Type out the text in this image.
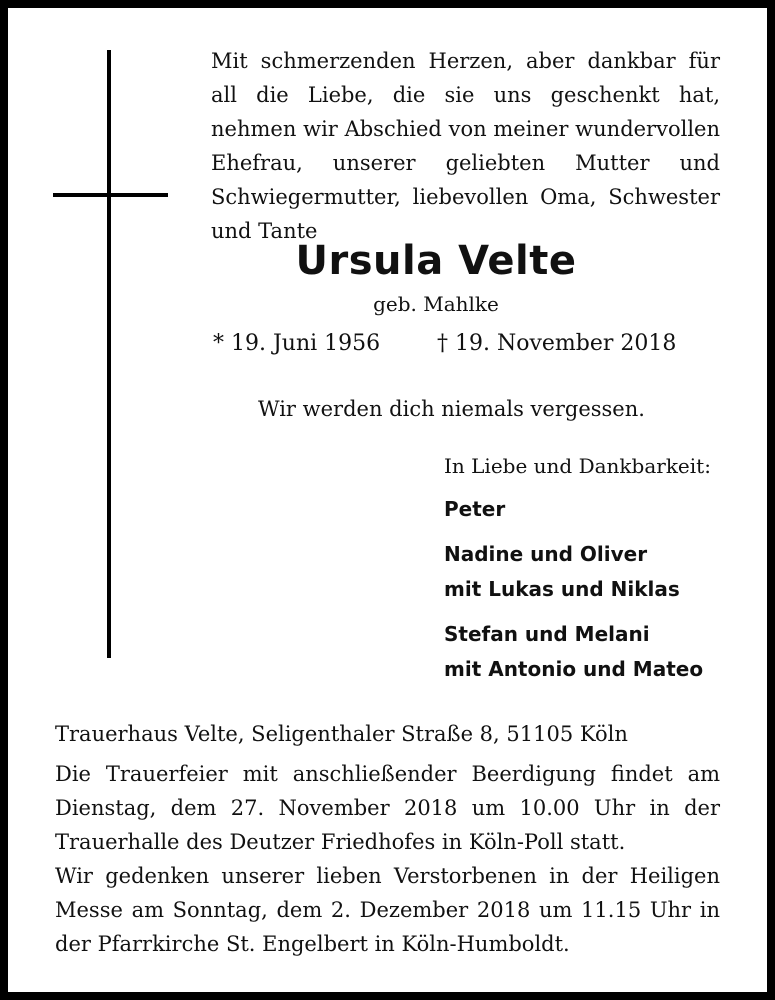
Mit schmerzenden Herzen, aber dankbar für all die Liebe, die sie uns geschenkt hat, nehmen wir Abschied von meiner wundervollen Ehefrau, unserer geliebten Mutter und Schwiegermutter, liebevollen Oma, Schwester und Tante

Ursula Velte
geb. Mahlke
* 19. Juni 1956	† 19. November 2018
Wir werden dich niemals vergessen.
In Liebe und Dankbarkeit:

Peter

Nadine und Oliver
mit Lukas und Niklas

Stefan und Melani
mit Antonio und Mateo

Trauerhaus Velte, Seligenthaler Straße 8, 51105 Köln

Die Trauerfeier mit anschließender Beerdigung findet am Dienstag, dem 27. November 2018 um 10.00 Uhr in der Trauerhalle des Deutzer Friedhofes in Köln-Poll statt.

Wir gedenken unserer lieben Verstorbenen in der Heiligen Messe am Sonntag, dem 2. Dezember 2018 um 11.15 Uhr in der Pfarrkirche St. Engelbert in Köln-Humboldt.
